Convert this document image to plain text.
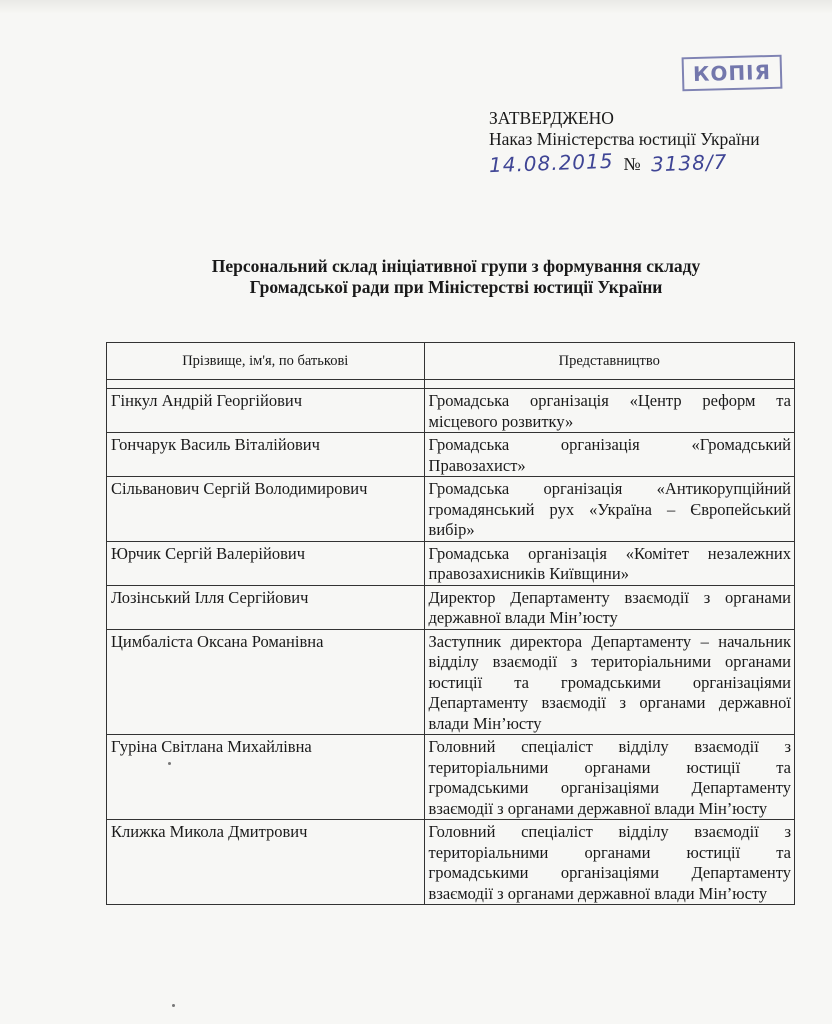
КОПІЯ
ЗАТВЕРДЖЕНО
Наказ Міністерства юстиції України
14.08.2015 № 3138/7
Персональний склад ініціативної групи з формування складу
Громадської ради при Міністерстві юстиції України
Прізвище, ім'я, по батькові	Представництво

Гінкул Андрій Георгійович	Громадська організація «Центр реформ та місцевого розвитку»
Гончарук Василь Віталійович	Громадська організація «Громадський Правозахист»
Сільванович Сергій Володимирович	Громадська організація «Антикорупційний громадянський рух «Україна – Європейський вибір»
Юрчик Сергій Валерійович	Громадська організація «Комітет незалежних правозахисників Київщини»
Лозінський Ілля Сергійович	Директор Департаменту взаємодії з органами державної влади Мін’юсту
Цимбаліста Оксана Романівна	Заступник директора Департаменту – начальник відділу взаємодії з територіальними органами юстиції та громадськими організаціями Департаменту взаємодії з органами державної влади Мін’юсту
Гуріна Світлана Михайлівна	Головний спеціаліст відділу взаємодії з територіальними органами юстиції та громадськими організаціями Департаменту взаємодії з органами державної влади Мін’юсту
Клижка Микола Дмитрович	Головний спеціаліст відділу взаємодії з територіальними органами юстиції та громадськими організаціями Департаменту взаємодії з органами державної влади Мін’юсту
